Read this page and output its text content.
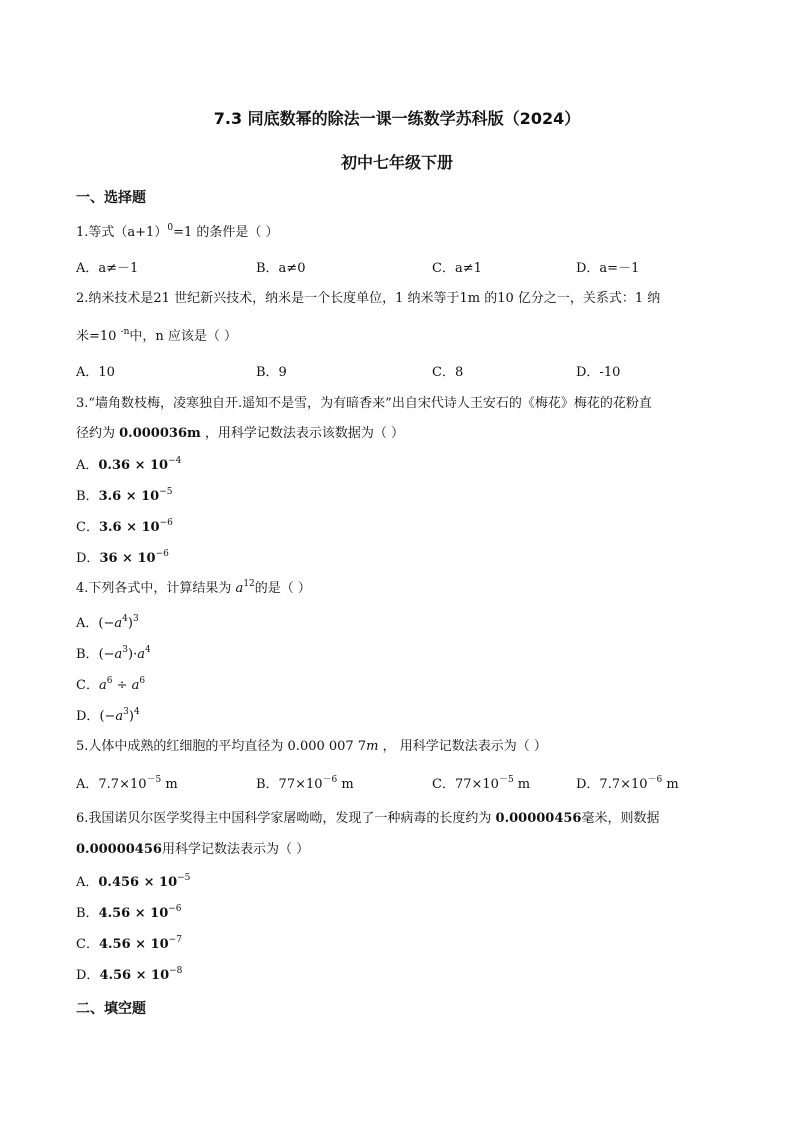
7.3 同底数幂的除法一课一练数学苏科版（2024）
初中七年级下册
一、选择题
1.等式$(a+1)^0=1$ 的条件是（ ）
A．a≠－1	B．a≠0	C．a≠1	D．a=－1
2.纳米技术是21 世纪新兴技术，纳米是一个长度单位，1 纳米等于1m 的10 亿分之一，关系式：1 纳
米=10 $^{-n}$中，n 应该是（ ）
A．10	B．9	C．8	D．-10
3.“墙角数枝梅，凌寒独自开.遥知不是雪，为有暗香来”出自宋代诗人王安石的《梅花》梅花的花粉直
径约为 0.000036m ，用科学记数法表示该数据为（ ）
A．$0.36 \times 10^{-4}$
B．$3.6 \times 10^{-5}$
C．$3.6 \times 10^{-6}$
D．$36 \times 10^{-6}$
4.下列各式中，计算结果为 $a^{12}$的是（ ）
A．$(-a^4)^3$
B．$(-a^3)\cdot a^4$
C．$a^6 \div a^6$
D．$(-a^3)^4$
5.人体中成熟的红细胞的平均直径为 0.000 007 7m ， 用科学记数法表示为（ ）
A．$7.7\times 10^{-5}$ m	B．$77\times 10^{-6}$ m	C．$77\times 10^{-5}$ m	D．$7.7\times 10^{-6}$ m
6.我国诺贝尔医学奖得主中国科学家屠呦呦，发现了一种病毒的长度约为 0.00000456毫米，则数据
0.00000456用科学记数法表示为（ ）
A．$0.456 \times 10^{-5}$
B．$4.56 \times 10^{-6}$
C．$4.56 \times 10^{-7}$
D．$4.56 \times 10^{-8}$
二、填空题
